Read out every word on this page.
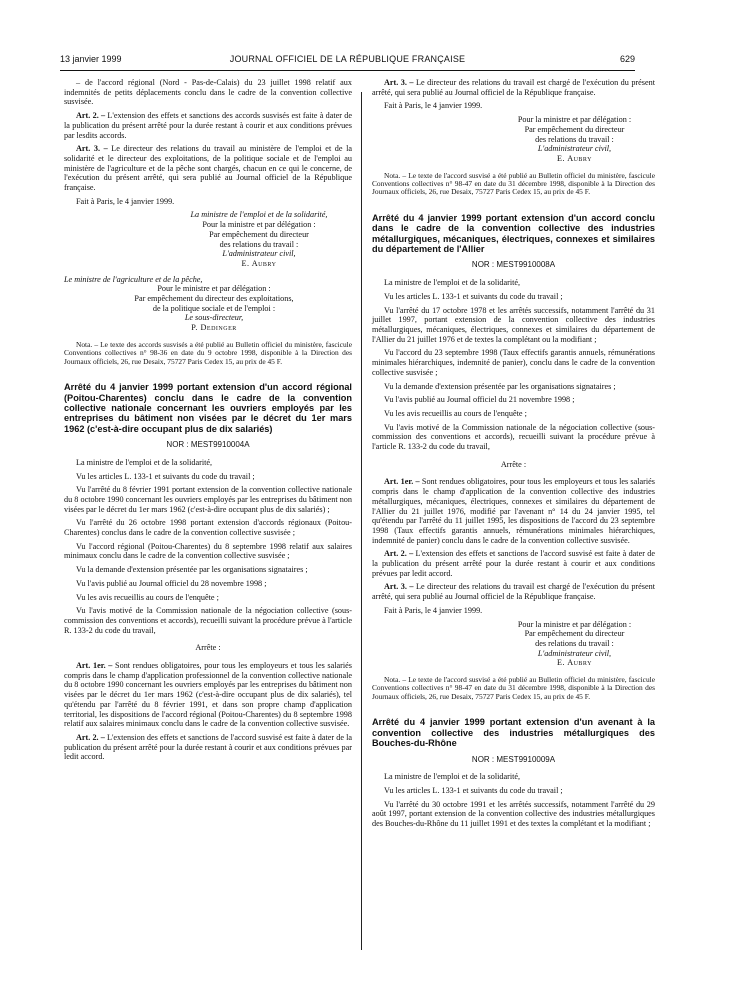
13 janvier 1999	JOURNAL OFFICIEL DE LA RÉPUBLIQUE FRANÇAISE	629

– de l'accord régional (Nord - Pas-de-Calais) du 23 juillet 1998 relatif aux indemnités de petits déplacements conclu dans le cadre de la convention collective susvisée.

Art. 2. – L'extension des effets et sanctions des accords susvisés est faite à dater de la publication du présent arrêté pour la durée restant à courir et aux conditions prévues par lesdits accords.

Art. 3. – Le directeur des relations du travail au ministère de l'emploi et de la solidarité et le directeur des exploitations, de la politique sociale et de l'emploi au ministère de l'agriculture et de la pêche sont chargés, chacun en ce qui le concerne, de l'exécution du présent arrêté, qui sera publié au Journal officiel de la République française.

Fait à Paris, le 4 janvier 1999.

La ministre de l'emploi et de la solidarité,

Pour la ministre et par délégation :

Par empêchement du directeur

des relations du travail :

L'administrateur civil,

E. Aubry

Le ministre de l'agriculture et de la pêche,

Pour le ministre et par délégation :

Par empêchement du directeur des exploitations,

de la politique sociale et de l'emploi :

Le sous-directeur,

P. Dedinger

Nota. – Le texte des accords susvisés a été publié au Bulletin officiel du ministère, fascicule Conventions collectives n° 98-36 en date du 9 octobre 1998, disponible à la Direction des Journaux officiels, 26, rue Desaix, 75727 Paris Cedex 15, au prix de 45 F.

Arrêté du 4 janvier 1999 portant extension d'un accord régional (Poitou-Charentes) conclu dans le cadre de la convention collective nationale concernant les ouvriers employés par les entreprises du bâtiment non visées par le décret du 1er mars 1962 (c'est-à-dire occupant plus de dix salariés)
NOR : MESТ9910004A

La ministre de l'emploi et de la solidarité,

Vu les articles L. 133-1 et suivants du code du travail ;

Vu l'arrêté du 8 février 1991 portant extension de la convention collective nationale du 8 octobre 1990 concernant les ouvriers employés par les entreprises du bâtiment non visées par le décret du 1er mars 1962 (c'est-à-dire occupant plus de dix salariés) ;

Vu l'arrêté du 26 octobre 1998 portant extension d'accords régionaux (Poitou-Charentes) conclus dans le cadre de la convention collective susvisée ;

Vu l'accord régional (Poitou-Charentes) du 8 septembre 1998 relatif aux salaires minimaux conclu dans le cadre de la convention collective susvisée ;

Vu la demande d'extension présentée par les organisations signataires ;

Vu l'avis publié au Journal officiel du 28 novembre 1998 ;

Vu les avis recueillis au cours de l'enquête ;

Vu l'avis motivé de la Commission nationale de la négociation collective (sous-commission des conventions et accords), recueilli suivant la procédure prévue à l'article R. 133-2 du code du travail,

Arrête :

Art. 1er. – Sont rendues obligatoires, pour tous les employeurs et tous les salariés compris dans le champ d'application professionnel de la convention collective nationale du 8 octobre 1990 concernant les ouvriers employés par les entreprises du bâtiment non visées par le décret du 1er mars 1962 (c'est-à-dire occupant plus de dix salariés), tel qu'étendu par l'arrêté du 8 février 1991, et dans son propre champ d'application territorial, les dispositions de l'accord régional (Poitou-Charentes) du 8 septembre 1998 relatif aux salaires minimaux conclu dans le cadre de la convention collective susvisée.

Art. 2. – L'extension des effets et sanctions de l'accord susvisé est faite à dater de la publication du présent arrêté pour la durée restant à courir et aux conditions prévues par ledit accord.

Art. 3. – Le directeur des relations du travail est chargé de l'exécution du présent arrêté, qui sera publié au Journal officiel de la République française.

Fait à Paris, le 4 janvier 1999.

Pour la ministre et par délégation :

Par empêchement du directeur

des relations du travail :

L'administrateur civil,

E. Aubry

Nota. – Le texte de l'accord susvisé a été publié au Bulletin officiel du ministère, fascicule Conventions collectives n° 98-47 en date du 31 décembre 1998, disponible à la Direction des Journaux officiels, 26, rue Desaix, 75727 Paris Cedex 15, au prix de 45 F.

Arrêté du 4 janvier 1999 portant extension d'un accord conclu dans le cadre de la convention collective des industries métallurgiques, mécaniques, électriques, connexes et similaires du département de l'Allier
NOR : MESТ9910008A

La ministre de l'emploi et de la solidarité,

Vu les articles L. 133-1 et suivants du code du travail ;

Vu l'arrêté du 17 octobre 1978 et les arrêtés successifs, notamment l'arrêté du 31 juillet 1997, portant extension de la convention collective des industries métallurgiques, mécaniques, électriques, connexes et similaires du département de l'Allier du 21 juillet 1976 et de textes la complétant ou la modifiant ;

Vu l'accord du 23 septembre 1998 (Taux effectifs garantis annuels, rémunérations minimales hiérarchiques, indemnité de panier), conclu dans le cadre de la convention collective susvisée ;

Vu la demande d'extension présentée par les organisations signataires ;

Vu l'avis publié au Journal officiel du 21 novembre 1998 ;

Vu les avis recueillis au cours de l'enquête ;

Vu l'avis motivé de la Commission nationale de la négociation collective (sous-commission des conventions et accords), recueilli suivant la procédure prévue à l'article R. 133-2 du code du travail,

Arrête :

Art. 1er. – Sont rendues obligatoires, pour tous les employeurs et tous les salariés compris dans le champ d'application de la convention collective des industries métallurgiques, mécaniques, électriques, connexes et similaires du département de l'Allier du 21 juillet 1976, modifié par l'avenant n° 14 du 24 janvier 1995, tel qu'étendu par l'arrêté du 11 juillet 1995, les dispositions de l'accord du 23 septembre 1998 (Taux effectifs garantis annuels, rémunérations minimales hiérarchiques, indemnité de panier) conclu dans le cadre de la convention collective susvisée.

Art. 2. – L'extension des effets et sanctions de l'accord susvisé est faite à dater de la publication du présent arrêté pour la durée restant à courir et aux conditions prévues par ledit accord.

Art. 3. – Le directeur des relations du travail est chargé de l'exécution du présent arrêté, qui sera publié au Journal officiel de la République française.

Fait à Paris, le 4 janvier 1999.

Pour la ministre et par délégation :

Par empêchement du directeur

des relations du travail :

L'administrateur civil,

E. Aubry

Nota. – Le texte de l'accord susvisé a été publié au Bulletin officiel du ministère, fascicule Conventions collectives n° 98-47 en date du 31 décembre 1998, disponible à la Direction des Journaux officiels, 26, rue Desaix, 75727 Paris Cedex 15, au prix de 45 F.

Arrêté du 4 janvier 1999 portant extension d'un avenant à la convention collective des industries métallurgiques des Bouches-du-Rhône
NOR : MESТ9910009A

La ministre de l'emploi et de la solidarité,

Vu les articles L. 133-1 et suivants du code du travail ;

Vu l'arrêté du 30 octobre 1991 et les arrêtés successifs, notamment l'arrêté du 29 août 1997, portant extension de la convention collective des industries métallurgiques des Bouches-du-Rhône du 11 juillet 1991 et des textes la complétant et la modifiant ;
